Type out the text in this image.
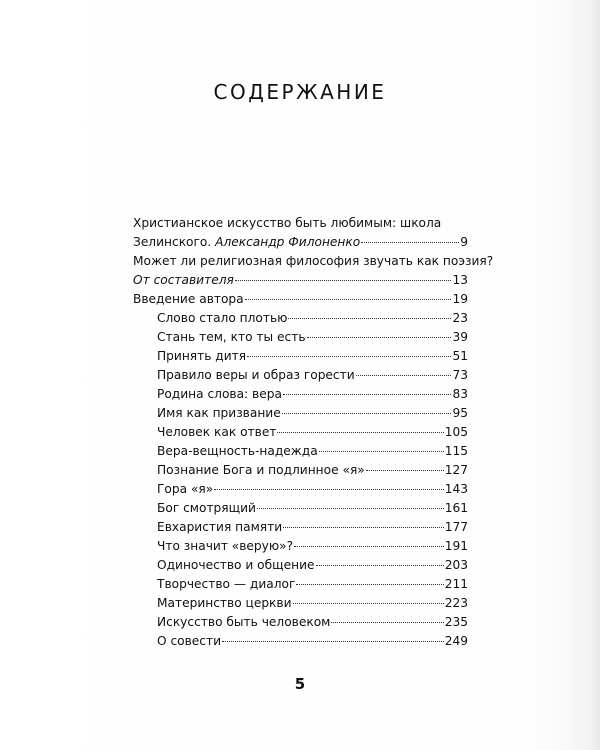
СОДЕРЖАНИЕ
Христианское искусство быть любимым: школа
Зелинского. Александр Филоненко	9
Может ли религиозная философия звучать как поэзия?
От составителя	13
Введение автора	19
Слово стало плотью	23
Стань тем, кто ты есть	39
Принять дитя	51
Правило веры и образ горести	73
Родина слова: вера	83
Имя как призвание	95
Человек как ответ	105
Вера-вещность-надежда	115
Познание Бога и подлинное «я»	127
Гора «я»	143
Бог смотрящий	161
Евхаристия памяти	177
Что значит «верую»?	191
Одиночество и общение	203
Творчество — диалог	211
Материнство церкви	223
Искусство быть человеком	235
О совести	249
5
